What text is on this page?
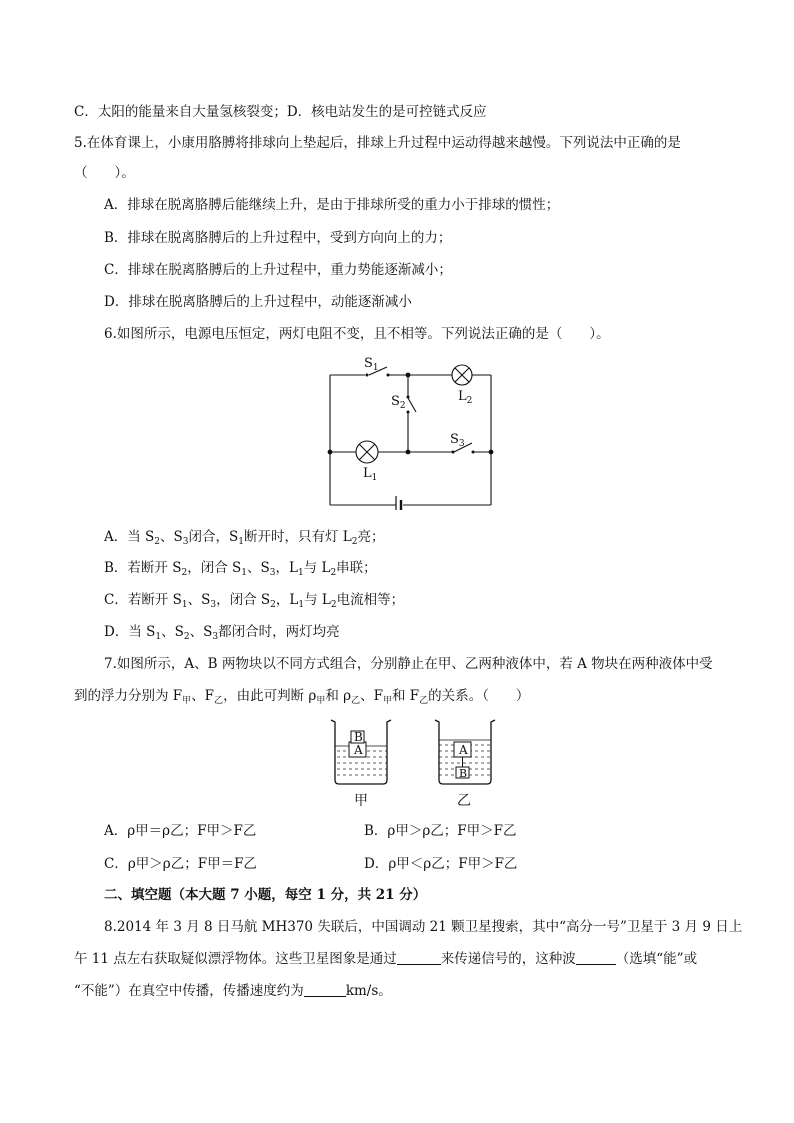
C．太阳的能量来自大量氢核裂变；D．核电站发生的是可控链式反应
5.在体育课上，小康用胳膊将排球向上垫起后，排球上升过程中运动得越来越慢。下列说法中正确的是
（　　）。
A．排球在脱离胳膊后能继续上升，是由于排球所受的重力小于排球的惯性；
B．排球在脱离胳膊后的上升过程中，受到方向向上的力；
C．排球在脱离胳膊后的上升过程中，重力势能逐渐减小；
D．排球在脱离胳膊后的上升过程中，动能逐渐减小
6.如图所示，电源电压恒定，两灯电阻不变，且不相等。下列说法正确的是（　　）。
$S_1$
$S_2$
$S_3$
$L_2$
$L_1$
A．当 $S_2$、$S_3$闭合，$S_1$断开时，只有灯 $L_2$亮；
B．若断开 $S_2$，闭合 $S_1$、$S_3$，$L_1$与 $L_2$串联；
C．若断开 $S_1$、$S_3$，闭合 $S_2$，$L_1$与 $L_2$电流相等；
D．当 $S_1$、$S_2$、$S_3$都闭合时，两灯均亮
7.如图所示，A、B 两物块以不同方式组合，分别静止在甲、乙两种液体中，若 A 物块在两种液体中受
到的浮力分别为 $F_甲$、$F_乙$，由此可判断 $\rho_甲$和 $\rho_乙$、$F_甲$和 $F_乙$的关系。（　　）
A
B
A
B
甲	乙
A．ρ甲＝ρ乙；F甲＞F乙	B．ρ甲＞ρ乙；F甲＞F乙
C．ρ甲＞ρ乙；F甲＝F乙	D．ρ甲＜ρ乙；F甲＞F乙
二、填空题（本大题 7 小题，每空 1 分，共 21 分）
8.2014 年 3 月 8 日马航 MH370 失联后，中国调动 21 颗卫星搜索，其中“高分一号”卫星于 3 月 9 日上
午 11 点左右获取疑似漂浮物体。这些卫星图象是通过	来传递信号的，这种波	（选填“能”或
“不能”）在真空中传播，传播速度约为	km/s。
